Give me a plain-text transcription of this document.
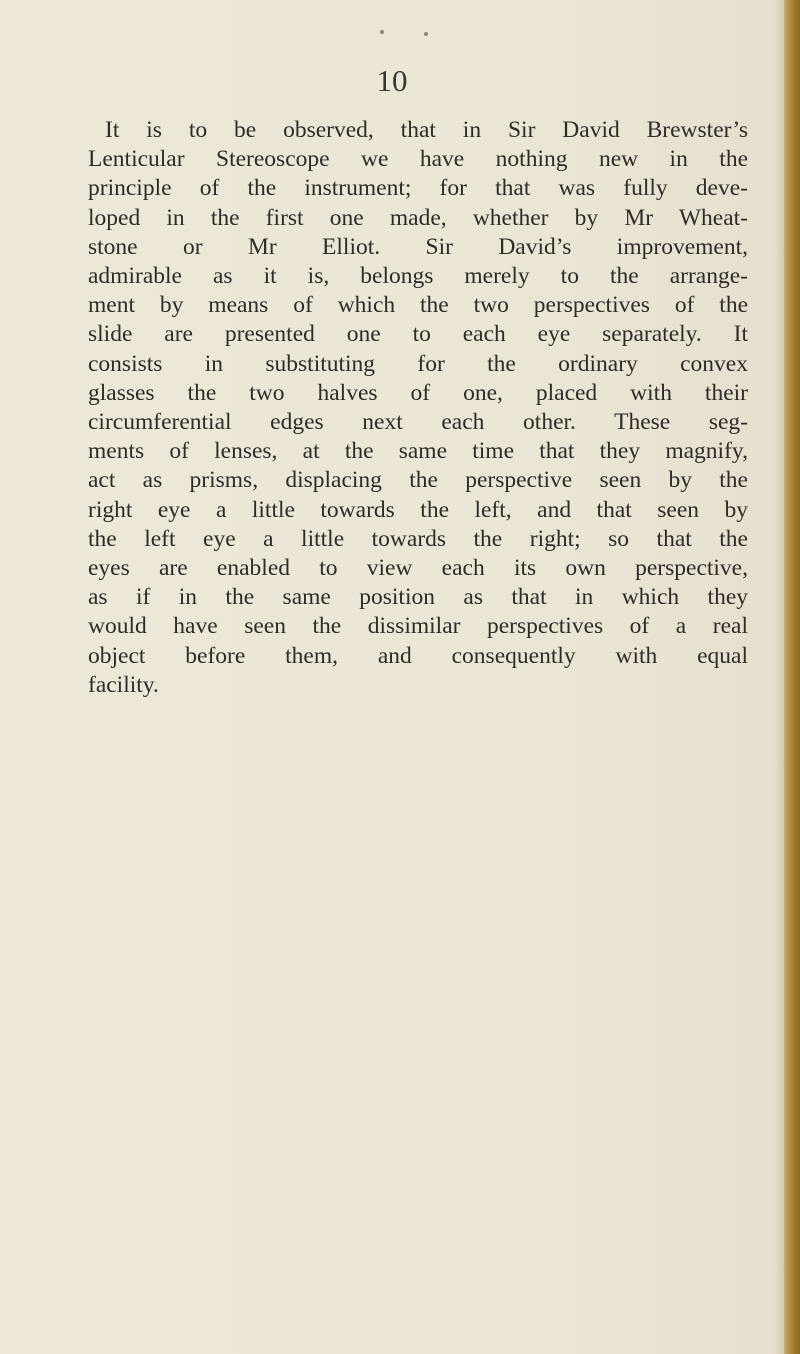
10

It is to be observed, that in Sir David Brewster’s
Lenticular Stereoscope we have nothing new in the
principle of the instrument; for that was fully deve-
loped in the first one made, whether by Mr Wheat-
stone or Mr Elliot. Sir David’s improvement,
admirable as it is, belongs merely to the arrange-
ment by means of which the two perspectives of the
slide are presented one to each eye separately. It
consists in substituting for the ordinary convex
glasses the two halves of one, placed with their
circumferential edges next each other. These seg-
ments of lenses, at the same time that they magnify,
act as prisms, displacing the perspective seen by the
right eye a little towards the left, and that seen by
the left eye a little towards the right; so that the
eyes are enabled to view each its own perspective,
as if in the same position as that in which they
would have seen the dissimilar perspectives of a real
object before them, and consequently with equal
facility.
